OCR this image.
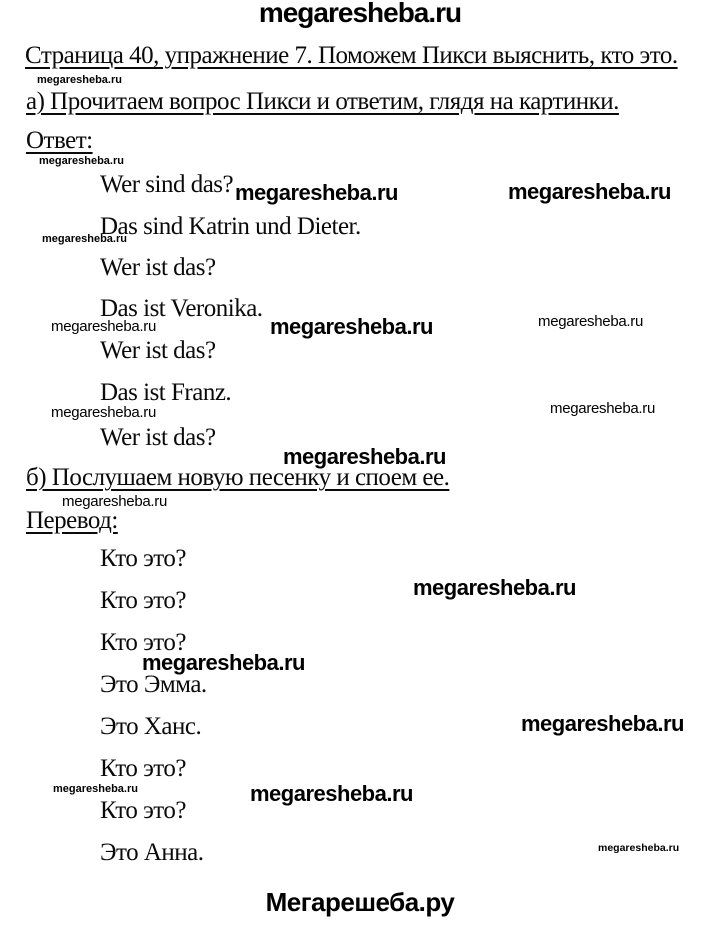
megaresheba.ru
Страница 40, упражнение 7. Поможем Пикси выяснить, кто это.
megaresheba.ru
а) Прочитаем вопрос Пикси и ответим, глядя на картинки.
Ответ:
megaresheba.ru
Wer sind das? megaresheba.ru	megaresheba.ru
Das sind Katrin und Dieter.
megaresheba.ru
Wer ist das?
Das ist Veronika.
megaresheba.ru	megaresheba.ru	megaresheba.ru
Wer ist das?
Das ist Franz.
megaresheba.ru	megaresheba.ru
Wer ist das?
megaresheba.ru
б) Послушаем новую песенку и споем ее.
megaresheba.ru
Перевод:
Кто это?
megaresheba.ru
Кто это?
Кто это?
megaresheba.ru
Это Эмма.
Это Ханс.	megaresheba.ru
Кто это?
megaresheba.ru	megaresheba.ru
Кто это?
Это Анна.	megaresheba.ru
Мегарешеба.ру
